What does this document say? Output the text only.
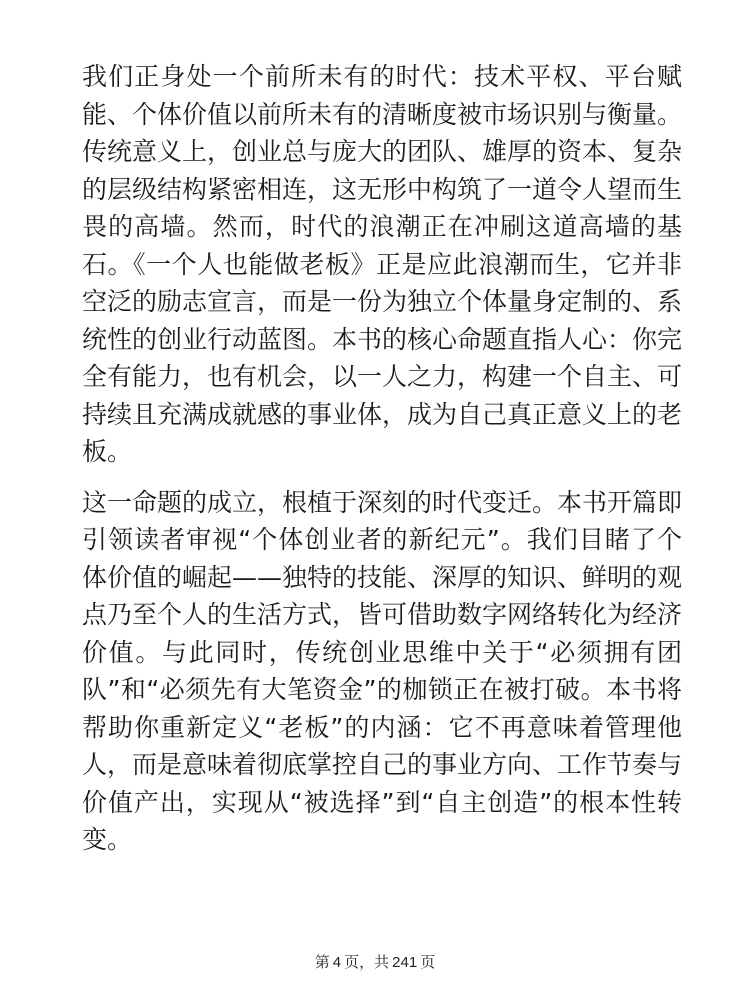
我们正身处一个前所未有的时代：技术平权、平台赋能、个体价值以前所未有的清晰度被市场识别与衡量。传统意义上，创业总与庞大的团队、雄厚的资本、复杂的层级结构紧密相连，这无形中构筑了一道令人望而生畏的高墙。然而，时代的浪潮正在冲刷这道高墙的基石。《一个人也能做老板》正是应此浪潮而生，它并非空泛的励志宣言，而是一份为独立个体量身定制的、系统性的创业行动蓝图。本书的核心命题直指人心：你完全有能力，也有机会，以一人之力，构建一个自主、可持续且充满成就感的事业体，成为自己真正意义上的老板。

这一命题的成立，根植于深刻的时代变迁。本书开篇即引领读者审视“个体创业者的新纪元”。我们目睹了个体价值的崛起——独特的技能、深厚的知识、鲜明的观点乃至个人的生活方式，皆可借助数字网络转化为经济价值。与此同时，传统创业思维中关于“必须拥有团队”和“必须先有大笔资金”的枷锁正在被打破。本书将帮助你重新定义“老板”的内涵：它不再意味着管理他人，而是意味着彻底掌控自己的事业方向、工作节奏与价值产出，实现从“被选择”到“自主创造”的根本性转变。

第 4 页，共 241 页
